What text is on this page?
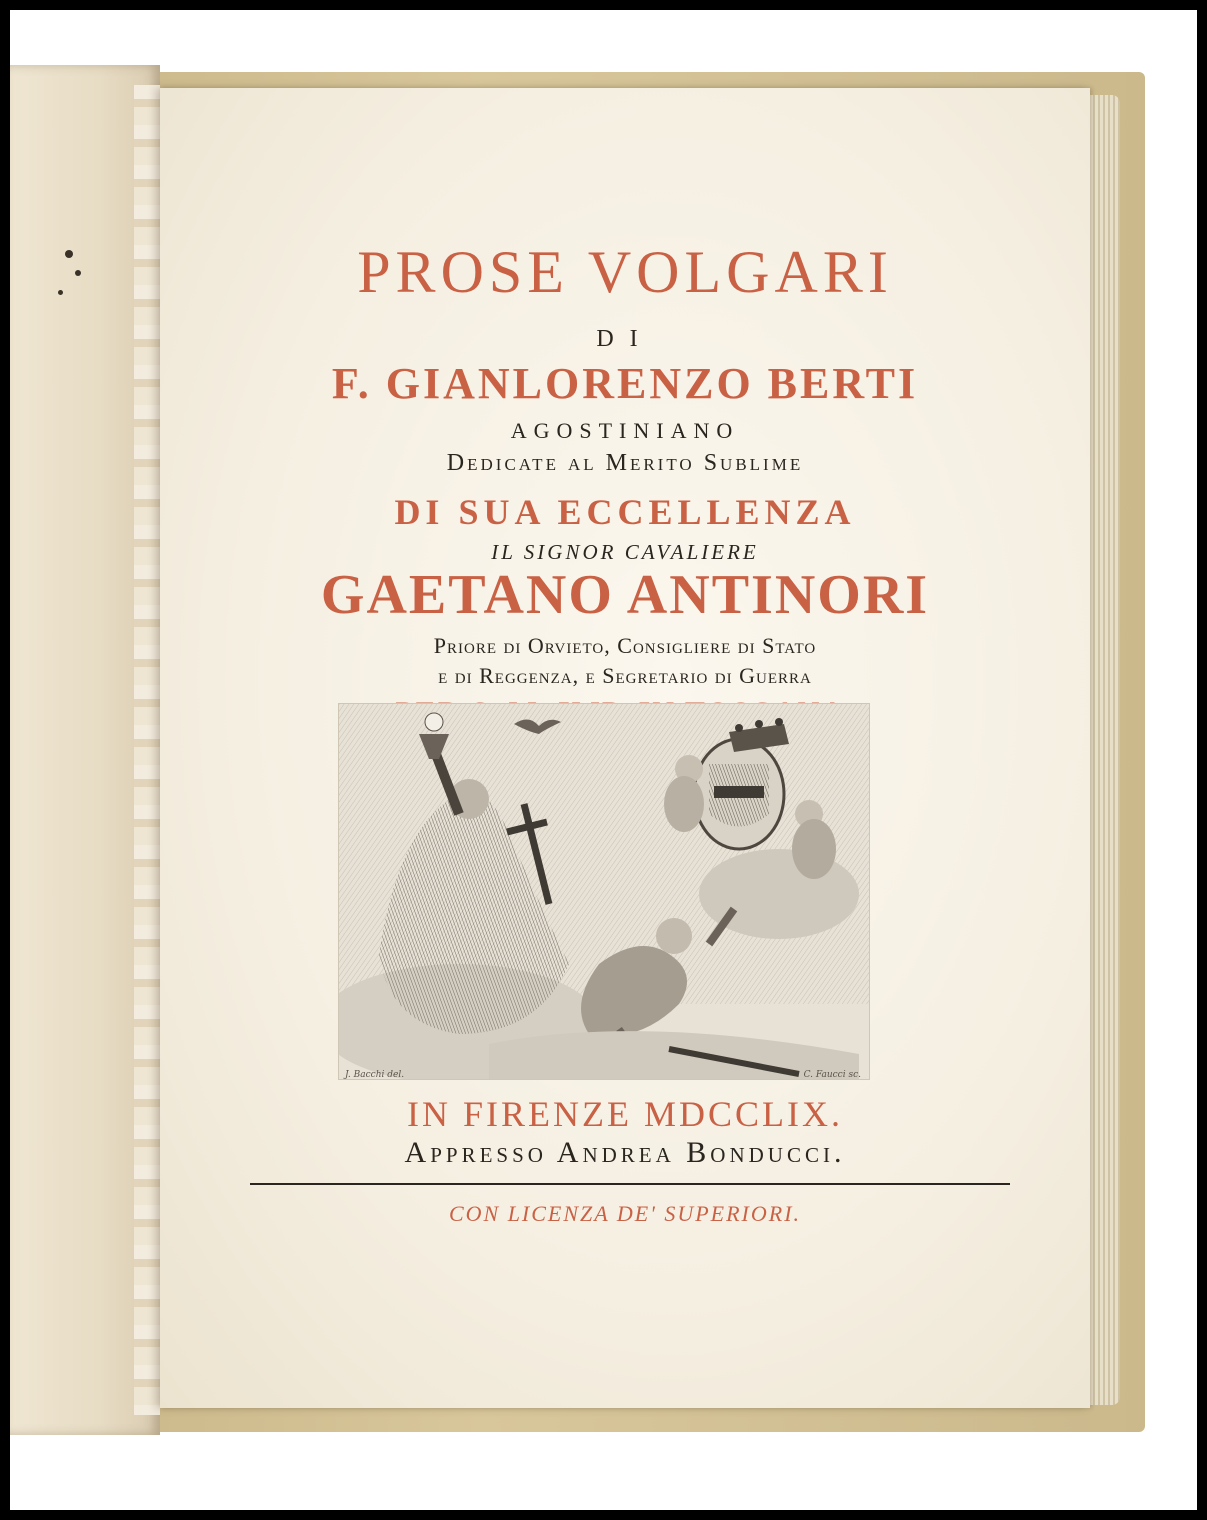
PROSE VOLGARI
DI
F. GIANLORENZO BERTI
AGOSTINIANO
Dedicate al Merito Sublime
DI SUA ECCELLENZA
IL SIGNOR CAVALIERE
GAETANO ANTINORI
Priore di Orvieto, Consigliere di Stato
e di Reggenza, e Segretario di Guerra
J. Bacchi del.	C. Faucci sc.
IN FIRENZE MDCCLIX.
Appresso Andrea Bonducci.
CON LICENZA DE' SUPERIORI.
